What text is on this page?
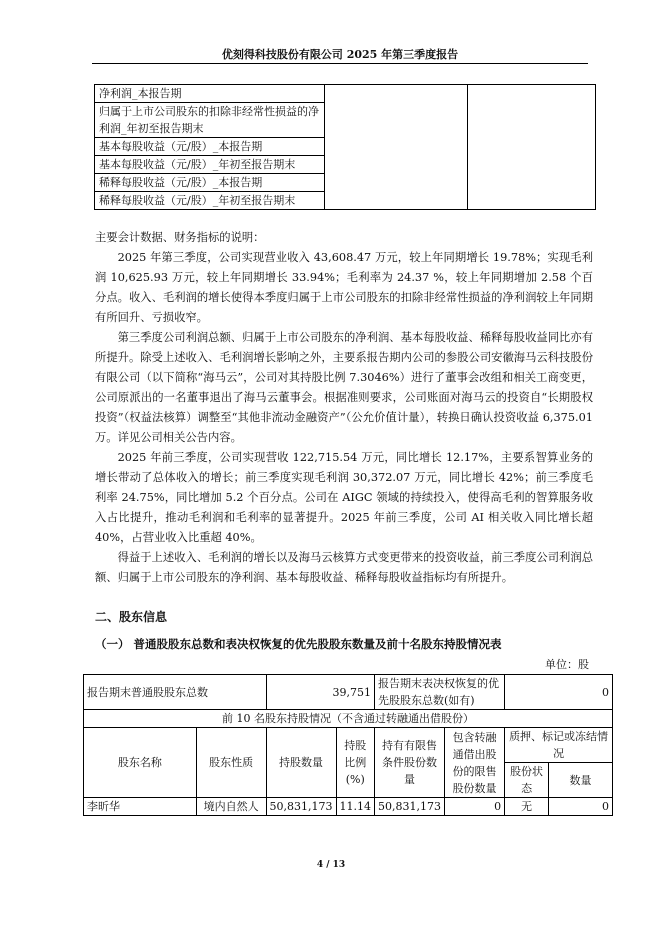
优刻得科技股份有限公司 2025 年第三季度报告
净利润_本报告期		
归属于上市公司股东的扣除非经常性损益的净利润_年初至报告期末
基本每股收益（元/股）_本报告期
基本每股收益（元/股）_年初至报告期末
稀释每股收益（元/股）_本报告期
稀释每股收益（元/股）_年初至报告期末

主要会计数据、财务指标的说明：

2025 年第三季度，公司实现营业收入 43,608.47 万元，较上年同期增长 19.78%；实现毛利润 10,625.93 万元，较上年同期增长 33.94%；毛利率为 24.37 %，较上年同期增加 2.58 个百分点。收入、毛利润的增长使得本季度归属于上市公司股东的扣除非经常性损益的净利润较上年同期有所回升、亏损收窄。

第三季度公司利润总额、归属于上市公司股东的净利润、基本每股收益、稀释每股收益同比亦有所提升。除受上述收入、毛利润增长影响之外，主要系报告期内公司的参股公司安徽海马云科技股份有限公司（以下简称“海马云”，公司对其持股比例 7.3046%）进行了董事会改组和相关工商变更，公司原派出的一名董事退出了海马云董事会。根据准则要求，公司账面对海马云的投资自“长期股权投资”（权益法核算）调整至“其他非流动金融资产”（公允价值计量），转换日确认投资收益 6,375.01 万。详见公司相关公告内容。

2025 年前三季度，公司实现营收 122,715.54 万元，同比增长 12.17%，主要系智算业务的增长带动了总体收入的增长；前三季度实现毛利润 30,372.07 万元，同比增长 42%；前三季度毛利率 24.75%，同比增加 5.2 个百分点。公司在 AIGC 领域的持续投入，使得高毛利的智算服务收入占比提升，推动毛利润和毛利率的显著提升。2025 年前三季度，公司 AI 相关收入同比增长超 40%，占营业收入比重超 40%。

得益于上述收入、毛利润的增长以及海马云核算方式变更带来的投资收益，前三季度公司利润总额、归属于上市公司股东的净利润、基本每股收益、稀释每股收益指标均有所提升。

二、股东信息
（一） 普通股股东总数和表决权恢复的优先股股东数量及前十名股东持股情况表
单位：股
报告期末普通股股东总数		39,751		报告期末表决权恢复的优先股股东总数(如有)		0	
前 10 名股东持股情况（不含通过转融通出借股份）							
股东名称	股东性质	持股数量	持股比例(%)	持有有限售条件股份数量	包含转融通借出股份的限售股份数量	质押、标记或冻结情况	
						股份状态	数量
李昕华	境内自然人	50,831,173	11.14	50,831,173	0	无	0
4 / 13
